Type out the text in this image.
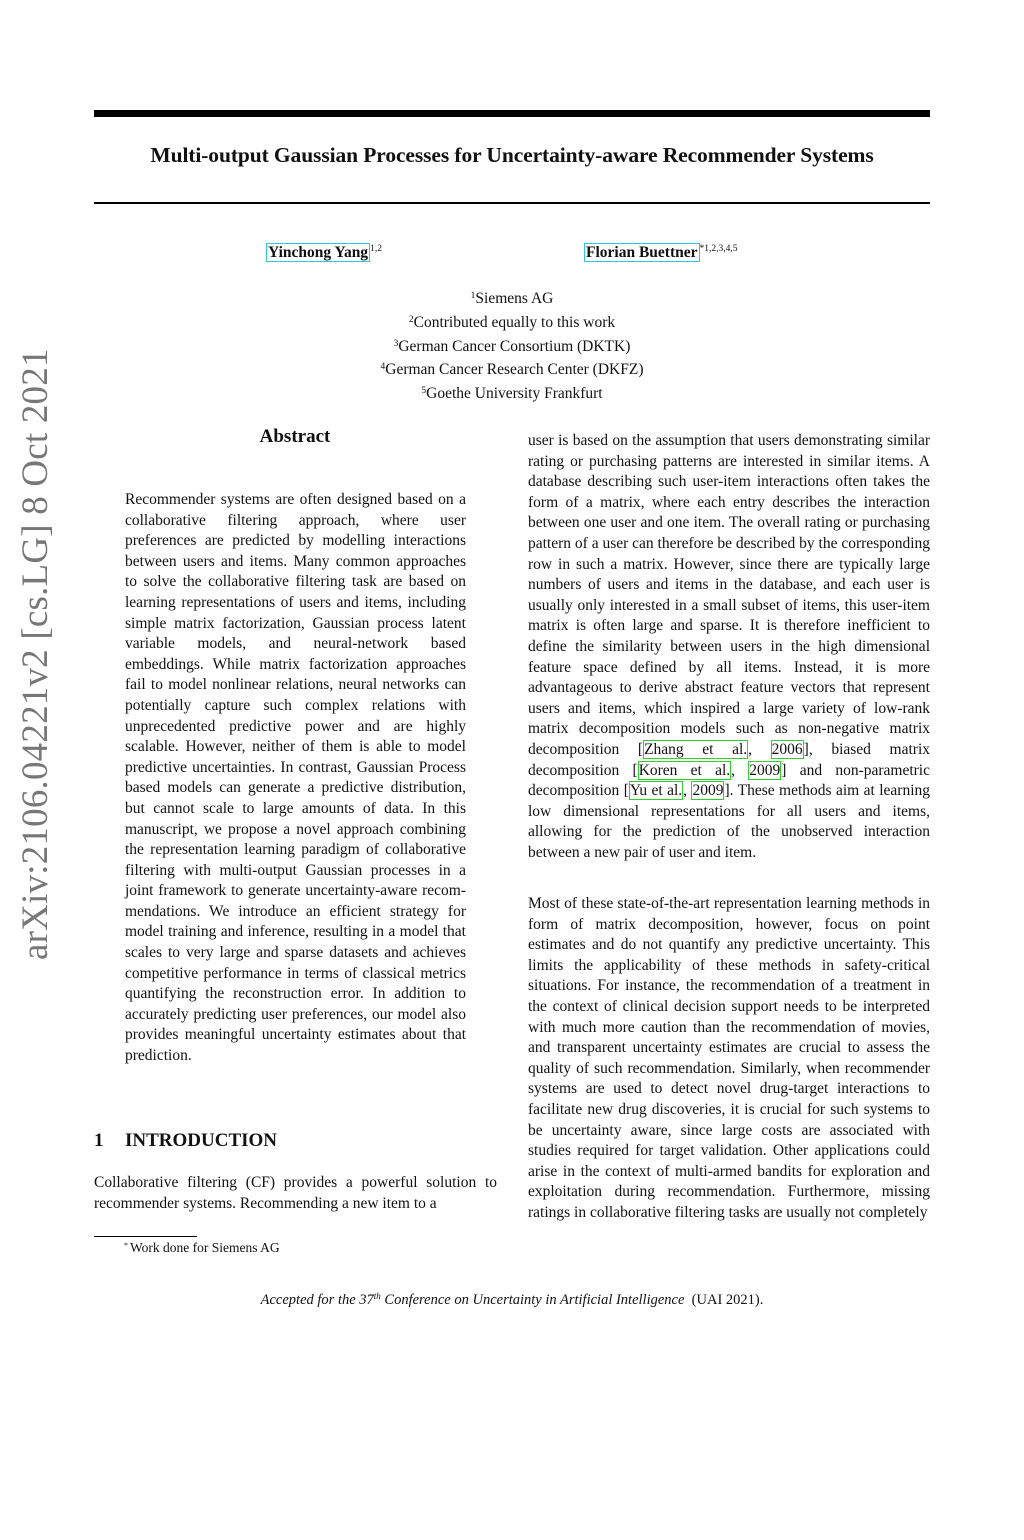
Multi-output Gaussian Processes for Uncertainty-aware Recommender Systems
Yinchong Yang $^{1,2}$	Florian Buettner $^{*1,2,3,4,5}$
$^1$Siemens AG
$^2$Contributed equally to this work
$^3$German Cancer Consortium (DKTK)
$^4$German Cancer Research Center (DKFZ)
$^5$Goethe University Frankfurt
arXiv:2106.04221v2 [cs.LG] 8 Oct 2021	Abstract
Recommender systems are often designed based on a collaborative filtering approach, where user preferences are predicted by modelling interactions between users and items. Many common approaches to solve the collaborative filtering task are based on learning representations of users and items, including simple matrix factorization, Gaussian process latent variable models, and neural-network based embeddings. While matrix factorization approaches fail to model nonlinear relations, neural networks can potentially capture such complex relations with unprecedented predictive power and are highly scalable. However, neither of them is able to model predictive uncertainties. In contrast, Gaussian Process based models can generate a predictive distribution, but cannot scale to large amounts of data. In this manuscript, we propose a novel approach combining the representation learning paradigm of collaborative filtering with multi-output Gaussian processes in a joint framework to generate uncertainty-aware recommendations. We introduce an efficient strategy for model training and inference, resulting in a model that scales to very large and sparse datasets and achieves competitive performance in terms of classical metrics quantifying the reconstruction error. In addition to accurately predicting user preferences, our model also provides meaningful uncertainty estimates about that prediction.
1 INTRODUCTION
Collaborative filtering (CF) provides a powerful solution to recommender systems. Recommending a new item to a
* Work done for Siemens AG
user is based on the assumption that users demonstrating similar rating or purchasing patterns are interested in similar items. A database describing such user-item interactions often takes the form of a matrix, where each entry describes the interaction between one user and one item. The overall rating or purchasing pattern of a user can therefore be described by the corresponding row in such a matrix. However, since there are typically large numbers of users and items in the database, and each user is usually only interested in a small subset of items, this user-item matrix is often large and sparse. It is therefore inefficient to define the similarity between users in the high dimensional feature space defined by all items. Instead, it is more advantageous to derive abstract feature vectors that represent users and items, which inspired a large variety of low-rank matrix decomposition models such as non-negative matrix decomposition [Zhang et al., 2006], biased matrix decomposition [Koren et al., 2009] and non-parametric decomposition [Yu et al., 2009]. These methods aim at learning low dimensional representations for all users and items, allowing for the prediction of the unobserved interaction between a new pair of user and item.
Most of these state-of-the-art representation learning methods in form of matrix decomposition, however, focus on point estimates and do not quantify any predictive uncertainty. This limits the applicability of these methods in safety-critical situations. For instance, the recommendation of a treatment in the context of clinical decision support needs to be interpreted with much more caution than the recommendation of movies, and transparent uncertainty estimates are crucial to assess the quality of such recommendation. Similarly, when recommender systems are used to detect novel drug-target interactions to facilitate new drug discoveries, it is crucial for such systems to be uncertainty aware, since large costs are associated with studies required for target validation. Other applications could arise in the context of multi-armed bandits for exploration and exploitation during recommendation. Furthermore, missing ratings in collaborative filtering tasks are usually not completely
Accepted for the 37th Conference on Uncertainty in Artificial Intelligence (UAI 2021).
